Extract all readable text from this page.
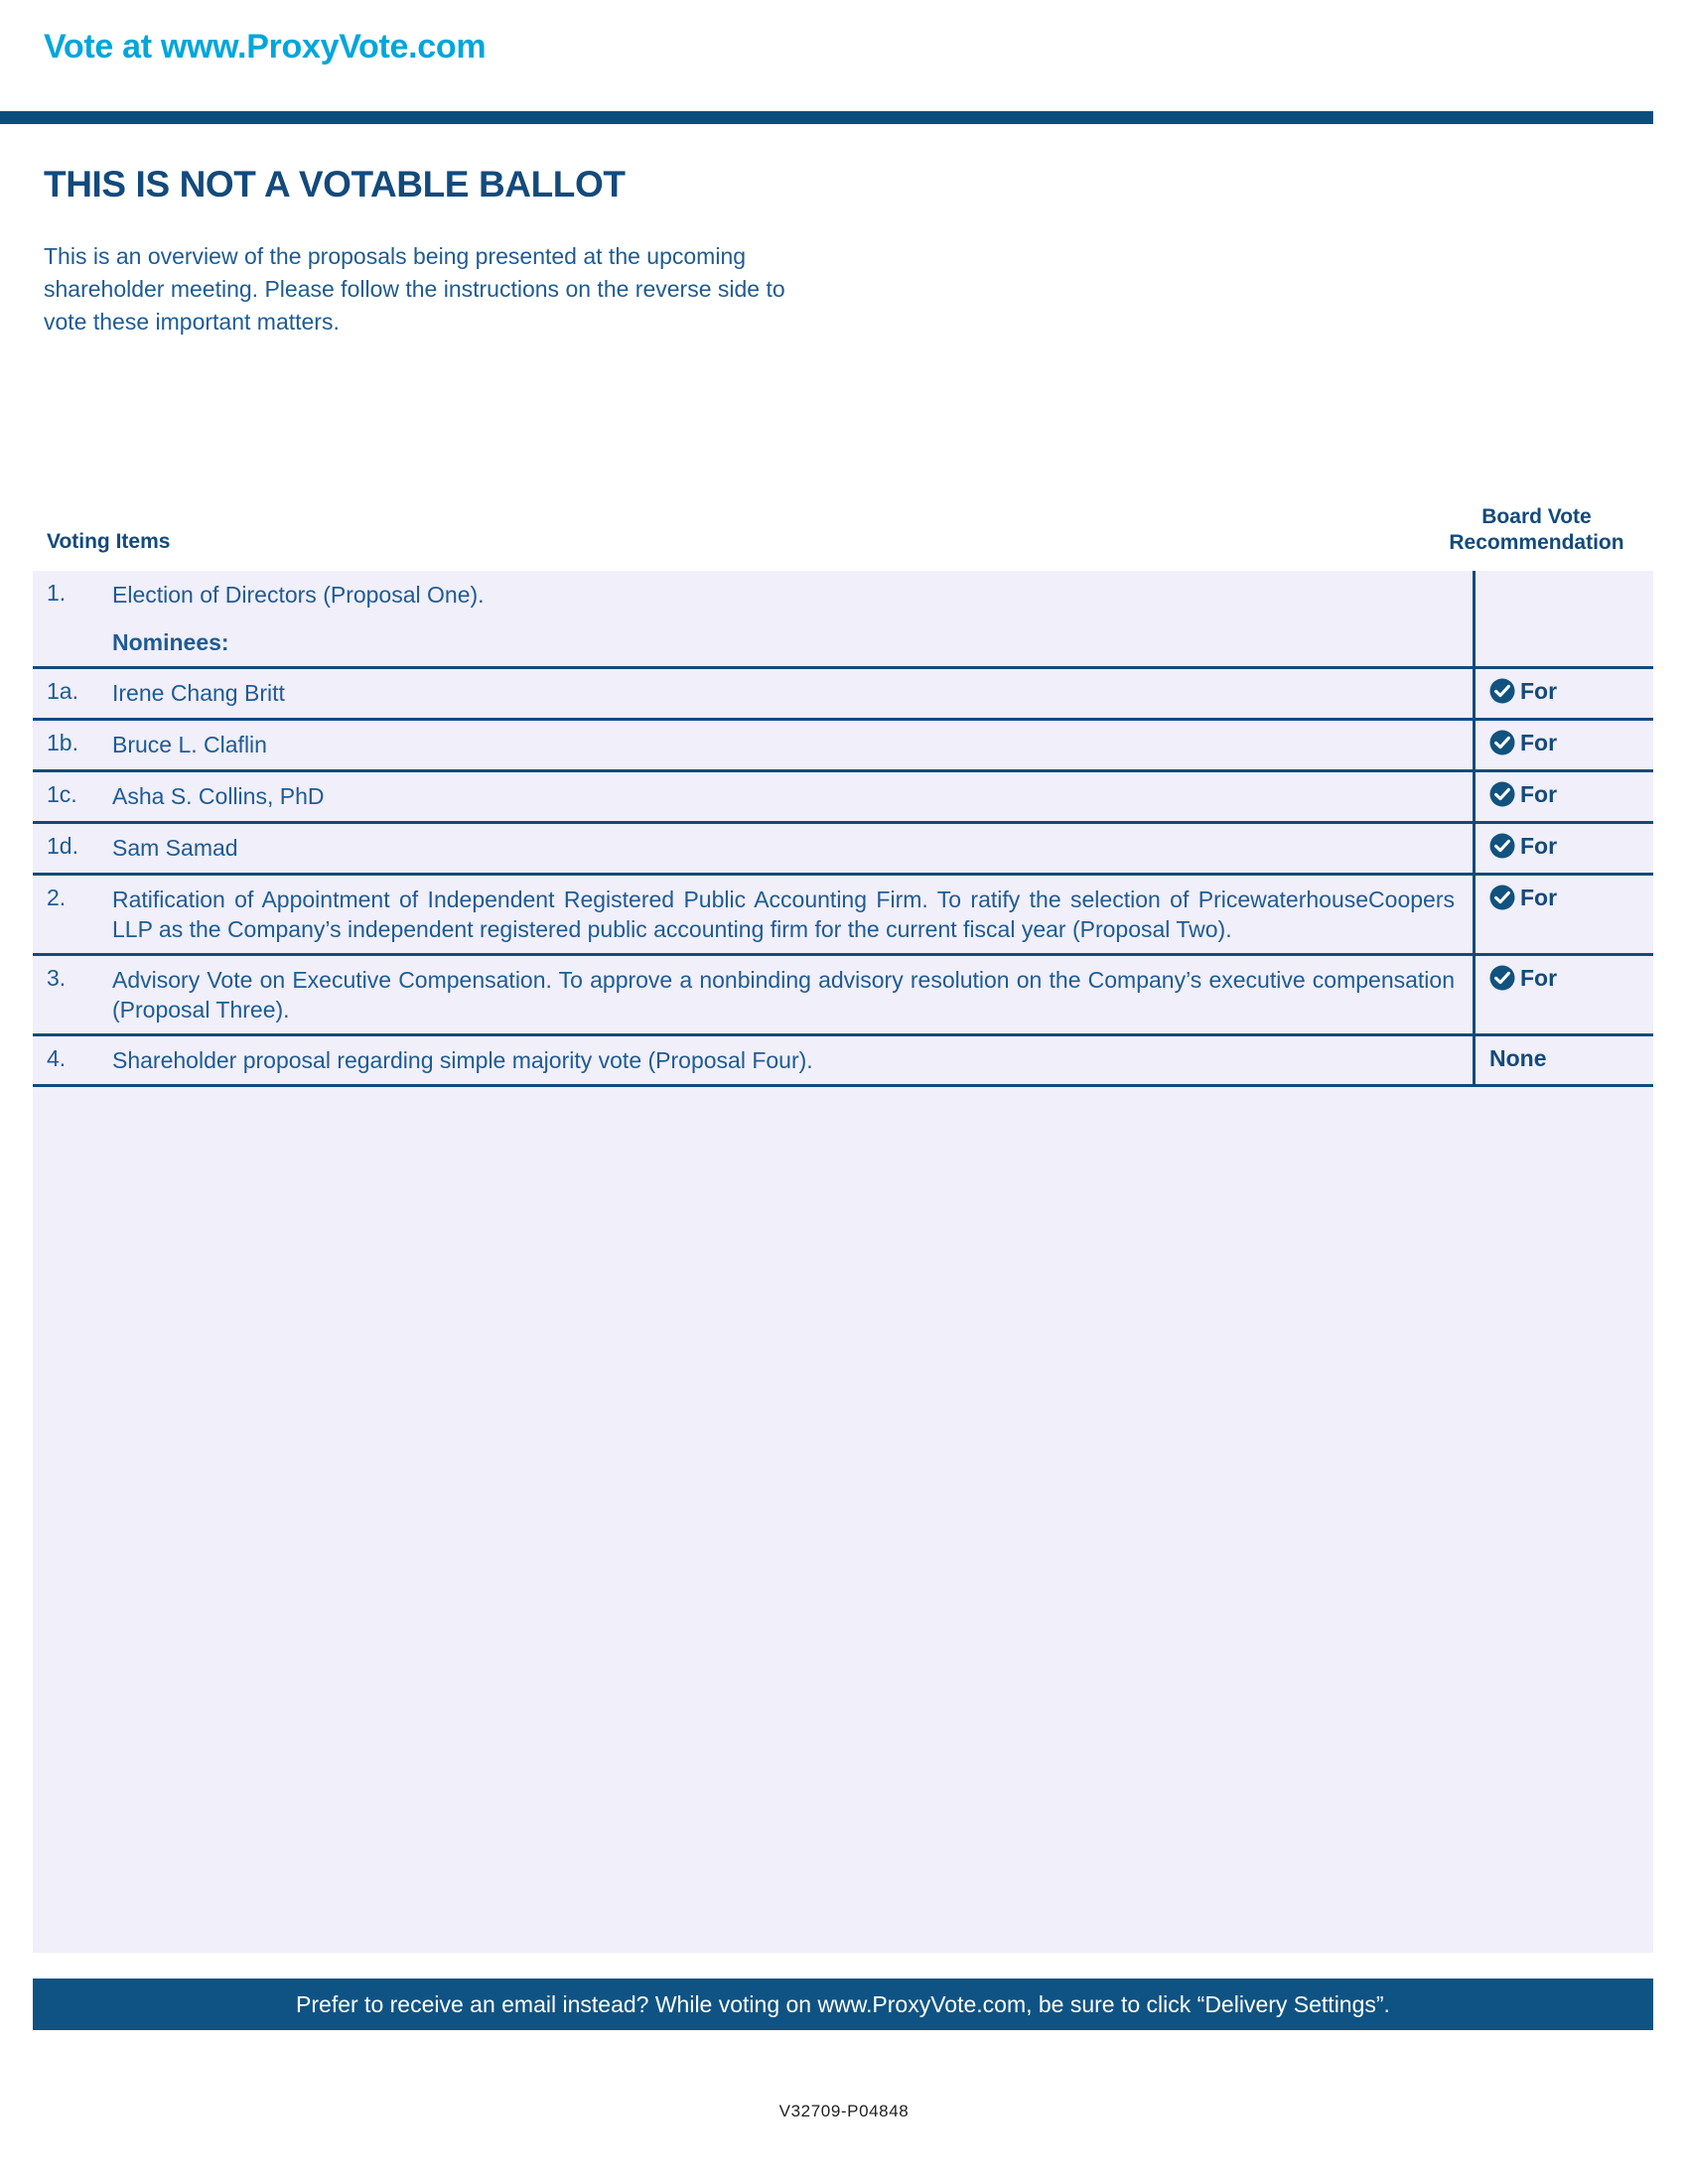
Vote at www.ProxyVote.com
THIS IS NOT A VOTABLE BALLOT
This is an overview of the proposals being presented at the upcoming shareholder meeting. Please follow the instructions on the reverse side to vote these important matters.
Voting Items
Board Vote
Recommendation
1.	Election of Directors (Proposal One).	
	Nominees:	
1a.	Irene Chang Britt	For

1b.	Bruce L. Claflin	For

1c.	Asha S. Collins, PhD	For

1d.	Sam Samad	For

2.	Ratification of Appointment of Independent Registered Public Accounting Firm. To ratify the selection of PricewaterhouseCoopers LLP as the Company’s independent registered public accounting firm for the current fiscal year (Proposal Two).	For

3.	Advisory Vote on Executive Compensation. To approve a nonbinding advisory resolution on the Company’s executive compensation (Proposal Three).	For

4.	Shareholder proposal regarding simple majority vote (Proposal Four).	None
Prefer to receive an email instead? While voting on www.ProxyVote.com, be sure to click “Delivery Settings”.
V32709-P04848
